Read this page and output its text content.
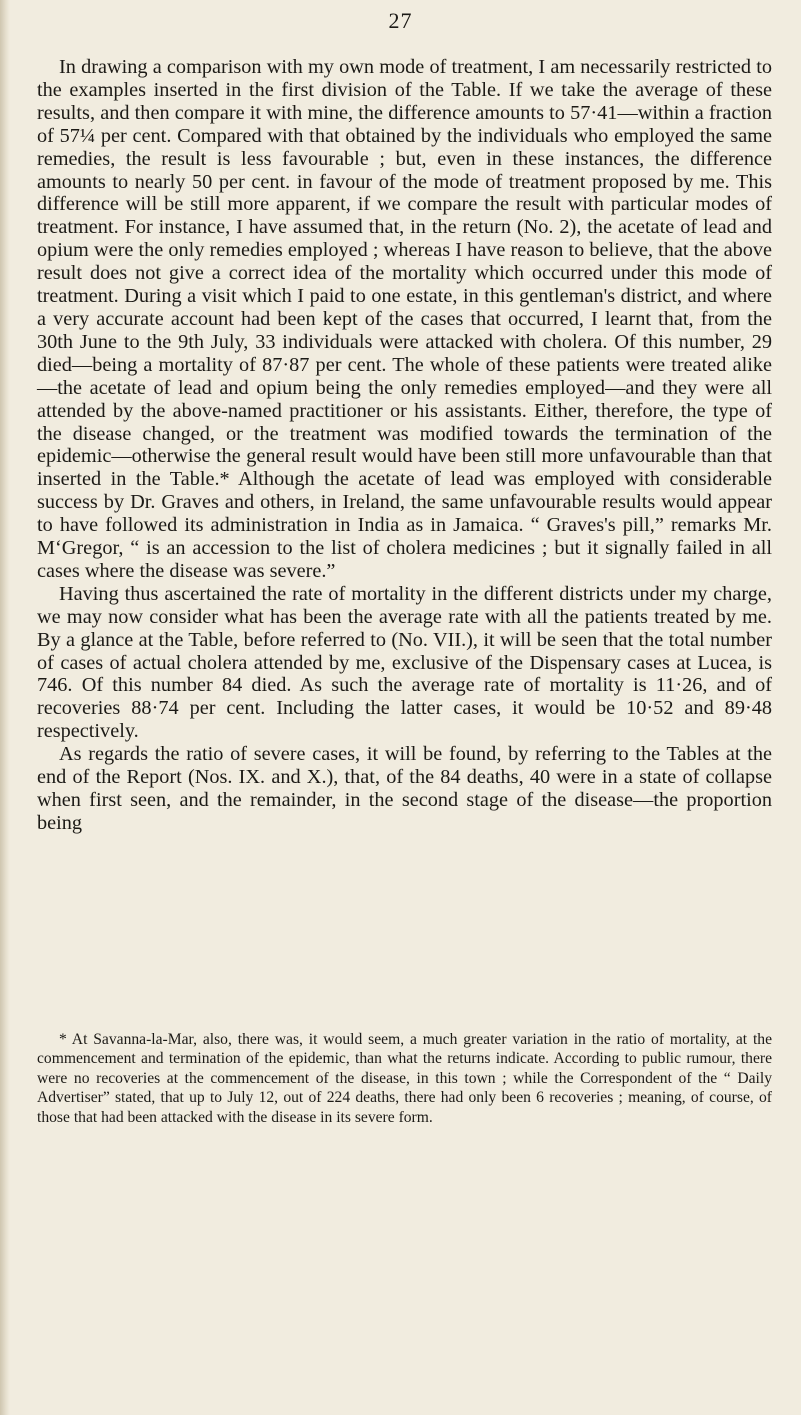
27

In drawing a comparison with my own mode of treatment, I am necessarily restricted to the examples inserted in the first division of the Table. If we take the average of these results, and then compare it with mine, the difference amounts to 57·41—within a fraction of 57¼ per cent. Compared with that obtained by the individuals who employed the same remedies, the result is less favourable ; but, even in these instances, the difference amounts to nearly 50 per cent. in favour of the mode of treatment proposed by me. This difference will be still more apparent, if we compare the result with particular modes of treatment. For instance, I have assumed that, in the return (No. 2), the acetate of lead and opium were the only remedies employed ; whereas I have reason to believe, that the above result does not give a correct idea of the mortality which occurred under this mode of treatment. During a visit which I paid to one estate, in this gentleman's district, and where a very accurate account had been kept of the cases that occurred, I learnt that, from the 30th June to the 9th July, 33 individuals were attacked with cholera. Of this number, 29 died—being a mortality of 87·87 per cent. The whole of these patients were treated alike—the acetate of lead and opium being the only remedies employed—and they were all attended by the above-named practitioner or his assistants. Either, therefore, the type of the disease changed, or the treatment was modified towards the termination of the epidemic—otherwise the general result would have been still more unfavourable than that inserted in the Table.* Although the acetate of lead was employed with considerable success by Dr. Graves and others, in Ireland, the same unfavourable results would appear to have followed its administration in India as in Jamaica. “ Graves's pill,” remarks Mr. M‘Gregor, “ is an accession to the list of cholera medicines ; but it signally failed in all cases where the disease was severe.”

Having thus ascertained the rate of mortality in the different districts under my charge, we may now consider what has been the average rate with all the patients treated by me. By a glance at the Table, before referred to (No. VII.), it will be seen that the total number of cases of actual cholera attended by me, exclusive of the Dispensary cases at Lucea, is 746. Of this number 84 died. As such the average rate of mortality is 11·26, and of recoveries 88·74 per cent. Including the latter cases, it would be 10·52 and 89·48 respectively.

As regards the ratio of severe cases, it will be found, by referring to the Tables at the end of the Report (Nos. IX. and X.), that, of the 84 deaths, 40 were in a state of collapse when first seen, and the remainder, in the second stage of the disease—the proportion being

* At Savanna-la-Mar, also, there was, it would seem, a much greater variation in the ratio of mortality, at the commencement and termination of the epidemic, than what the returns indicate. According to public rumour, there were no recoveries at the commencement of the disease, in this town ; while the Correspondent of the “ Daily Advertiser” stated, that up to July 12, out of 224 deaths, there had only been 6 recoveries ; meaning, of course, of those that had been attacked with the disease in its severe form.
